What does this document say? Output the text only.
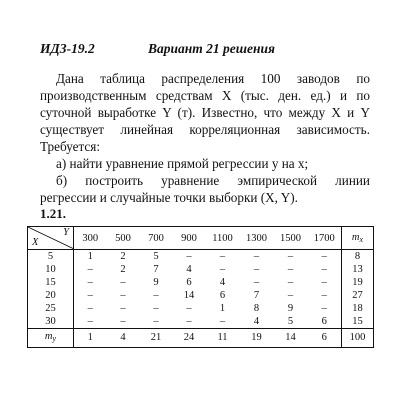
ИДЗ-19.2	Вариант 21 решения

Дана таблица распределения 100 заводов по производственным средствам X (тыс. ден. ед.) и по суточной выработке Y (т). Известно, что между X и Y существует линейная корреляционная зависимость. Требуется:

а) найти уравнение прямой регрессии y на x;

б) построить уравнение эмпирической линии регрессии и случайные точки выборки (X, Y).

1.21.
Y
X	300	500	700	900	1100	1300	1500	1700	$m_x$
5	1	2	5	–	–	–	–	–	8
10	–	2	7	4	–	–	–	–	13
15	–	–	9	6	4	–	–	–	19
20	–	–	–	14	6	7	–	–	27
25	–	–	–	–	1	8	9	–	18
30	–	–	–	–	–	4	5	6	15
$m_y$	1	4	21	24	11	19	14	6	100
